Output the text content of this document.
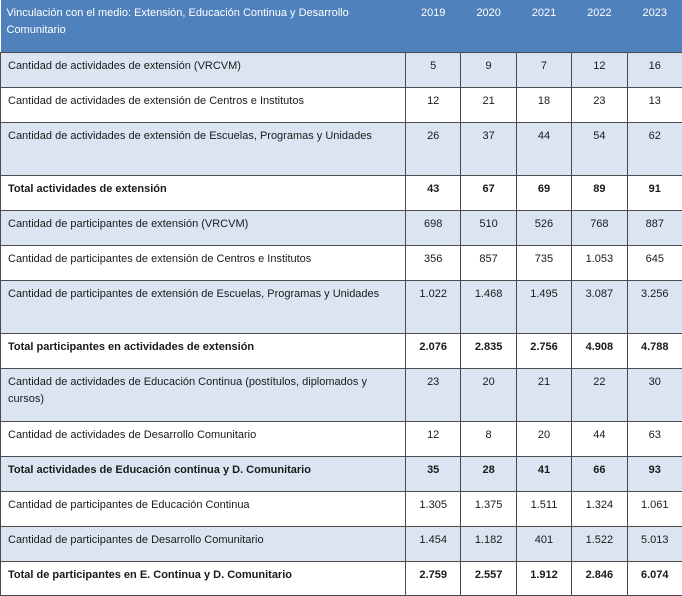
Vinculación con el medio: Extensión, Educación Continua y Desarrollo Comunitario	2019	2020	2021	2022	2023
Cantidad de actividades de extensión (VRCVM)	5	9	7	12	16
Cantidad de actividades de extensión de Centros e Institutos	12	21	18	23	13
Cantidad de actividades de extensión de Escuelas, Programas y Unidades	26	37	44	54	62
Total actividades de extensión	43	67	69	89	91
Cantidad de participantes de extensión (VRCVM)	698	510	526	768	887
Cantidad de participantes de extensión de Centros e Institutos	356	857	735	1.053	645
Cantidad de participantes de extensión de Escuelas, Programas y Unidades	1.022	1.468	1.495	3.087	3.256
Total participantes en actividades de extensión	2.076	2.835	2.756	4.908	4.788
Cantidad de actividades de Educación Continua (postítulos, diplomados y cursos)	23	20	21	22	30
Cantidad de actividades de Desarrollo Comunitario	12	8	20	44	63
Total actividades de Educación continua y D. Comunitario	35	28	41	66	93
Cantidad de participantes de Educación Continua	1.305	1.375	1.511	1.324	1.061
Cantidad de participantes de Desarrollo Comunitario	1.454	1.182	401	1.522	5.013
Total de participantes en E. Continua y D. Comunitario	2.759	2.557	1.912	2.846	6.074
